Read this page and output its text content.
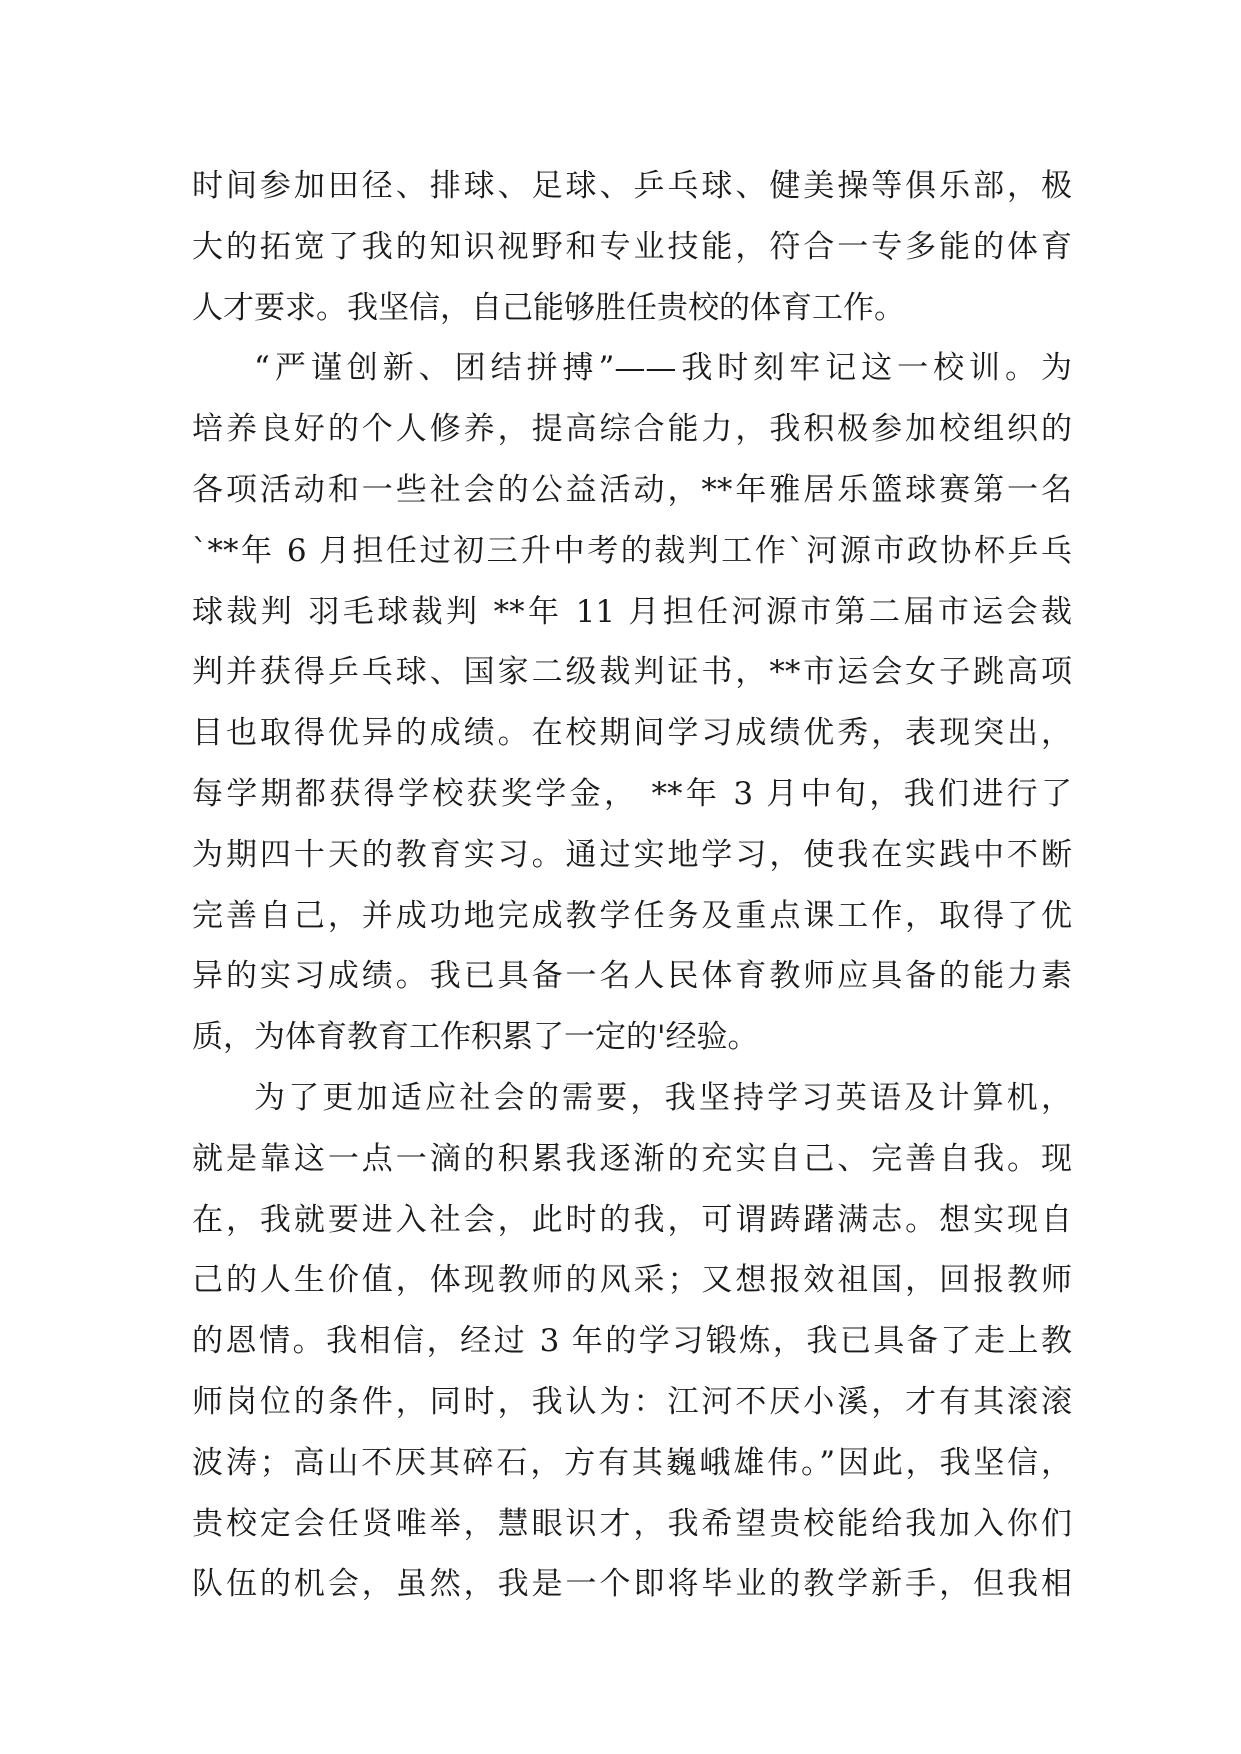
时间参加田径、排球、足球、乒乓球、健美操等俱乐部，极
大的拓宽了我的知识视野和专业技能，符合一专多能的体育
人才要求。我坚信，自己能够胜任贵校的体育工作。
“严谨创新、团结拼搏”——我时刻牢记这一校训。为
培养良好的个人修养，提高综合能力，我积极参加校组织的
各项活动和一些社会的公益活动，**年雅居乐篮球赛第一名
`**年 6 月担任过初三升中考的裁判工作`河源市政协杯乒乓
球裁判 羽毛球裁判 **年 11 月担任河源市第二届市运会裁
判并获得乒乓球、国家二级裁判证书，**市运会女子跳高项
目也取得优异的成绩。在校期间学习成绩优秀，表现突出，
每学期都获得学校获奖学金， **年 3 月中旬，我们进行了
为期四十天的教育实习。通过实地学习，使我在实践中不断
完善自己，并成功地完成教学任务及重点课工作，取得了优
异的实习成绩。我已具备一名人民体育教师应具备的能力素
质，为体育教育工作积累了一定的'经验。
为了更加适应社会的需要，我坚持学习英语及计算机，
就是靠这一点一滴的积累我逐渐的充实自己、完善自我。现
在，我就要进入社会，此时的我，可谓踌躇满志。想实现自
己的人生价值，体现教师的风采；又想报效祖国，回报教师
的恩情。我相信，经过 3 年的学习锻炼，我已具备了走上教
师岗位的条件，同时，我认为：江河不厌小溪，才有其滚滚
波涛；高山不厌其碎石，方有其巍峨雄伟。”因此，我坚信，
贵校定会任贤唯举，慧眼识才，我希望贵校能给我加入你们
队伍的机会，虽然，我是一个即将毕业的教学新手，但我相
